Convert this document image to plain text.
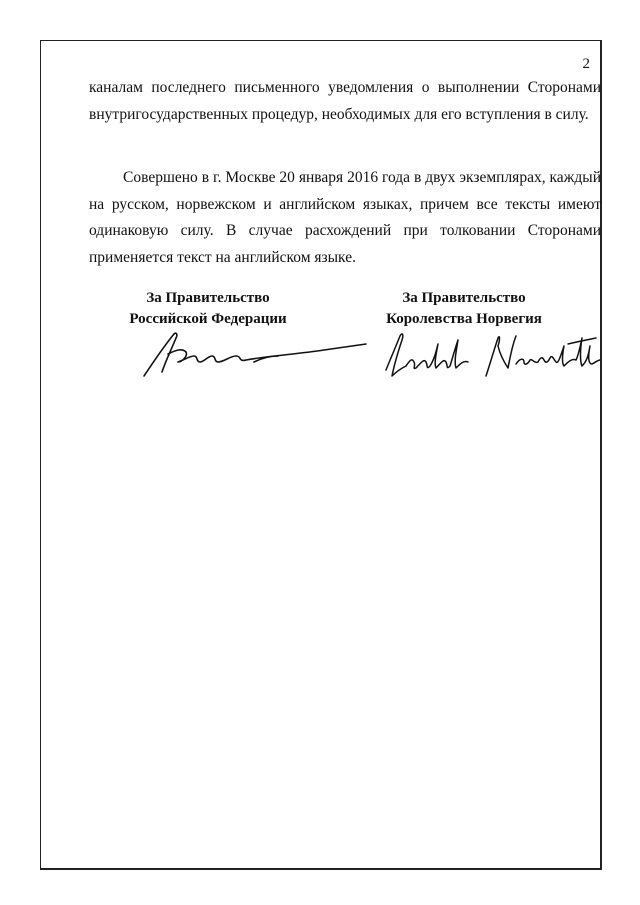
2
каналам последнего письменного уведомления о выполнении Сторонами внутригосударственных процедур, необходимых для его вступления в силу.
Совершено в г. Москве 20 января 2016 года в двух экземплярах, каждый на русском, норвежском и английском языках, причем все тексты имеют одинаковую силу. В случае расхождений при толковании Сторонами применяется текст на английском языке.
За Правительство
Российской Федерации
За Правительство
Королевства Норвегия
